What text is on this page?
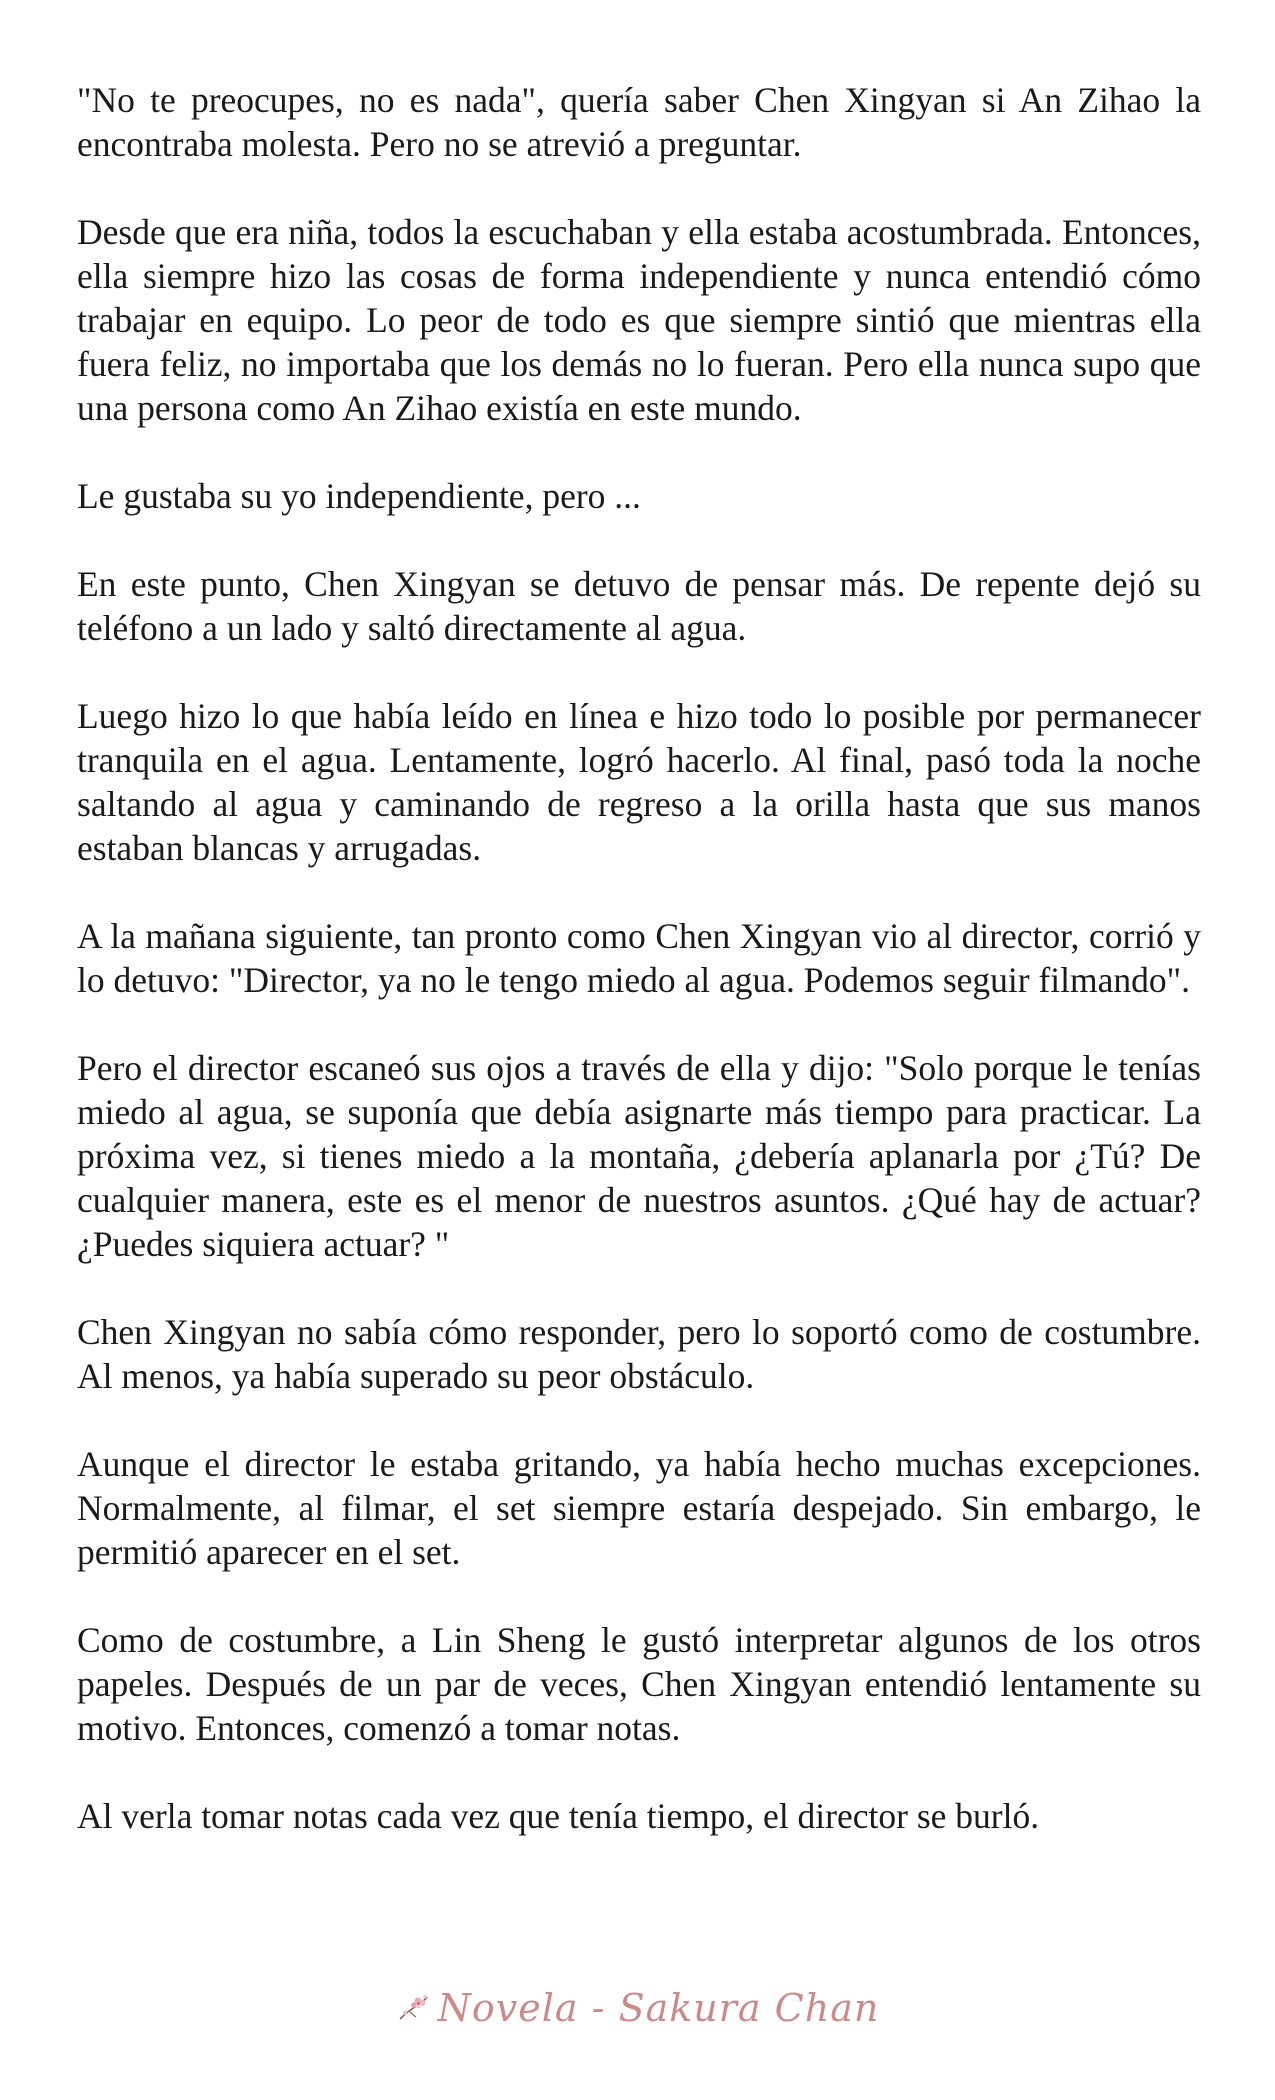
"No te preocupes, no es nada", quería saber Chen Xingyan si An Zihao la encontraba molesta. Pero no se atrevió a preguntar.

Desde que era niña, todos la escuchaban y ella estaba acostumbrada. Entonces, ella siempre hizo las cosas de forma independiente y nunca entendió cómo trabajar en equipo. Lo peor de todo es que siempre sintió que mientras ella fuera feliz, no importaba que los demás no lo fueran. Pero ella nunca supo que una persona como An Zihao existía en este mundo.

Le gustaba su yo independiente, pero ...

En este punto, Chen Xingyan se detuvo de pensar más. De repente dejó su teléfono a un lado y saltó directamente al agua.

Luego hizo lo que había leído en línea e hizo todo lo posible por permanecer tranquila en el agua. Lentamente, logró hacerlo. Al final, pasó toda la noche saltando al agua y caminando de regreso a la orilla hasta que sus manos estaban blancas y arrugadas.

A la mañana siguiente, tan pronto como Chen Xingyan vio al director, corrió y lo detuvo: "Director, ya no le tengo miedo al agua. Podemos seguir filmando".

Pero el director escaneó sus ojos a través de ella y dijo: "Solo porque le tenías miedo al agua, se suponía que debía asignarte más tiempo para practicar. La próxima vez, si tienes miedo a la montaña, ¿debería aplanarla por ¿Tú? De cualquier manera, este es el menor de nuestros asuntos. ¿Qué hay de actuar? ¿Puedes siquiera actuar? "

Chen Xingyan no sabía cómo responder, pero lo soportó como de costumbre. Al menos, ya había superado su peor obstáculo.

Aunque el director le estaba gritando, ya había hecho muchas excepciones. Normalmente, al filmar, el set siempre estaría despejado. Sin embargo, le permitió aparecer en el set.

Como de costumbre, a Lin Sheng le gustó interpretar algunos de los otros papeles. Después de un par de veces, Chen Xingyan entendió lentamente su motivo. Entonces, comenzó a tomar notas.

Al verla tomar notas cada vez que tenía tiempo, el director se burló.

Novela - Sakura Chan
